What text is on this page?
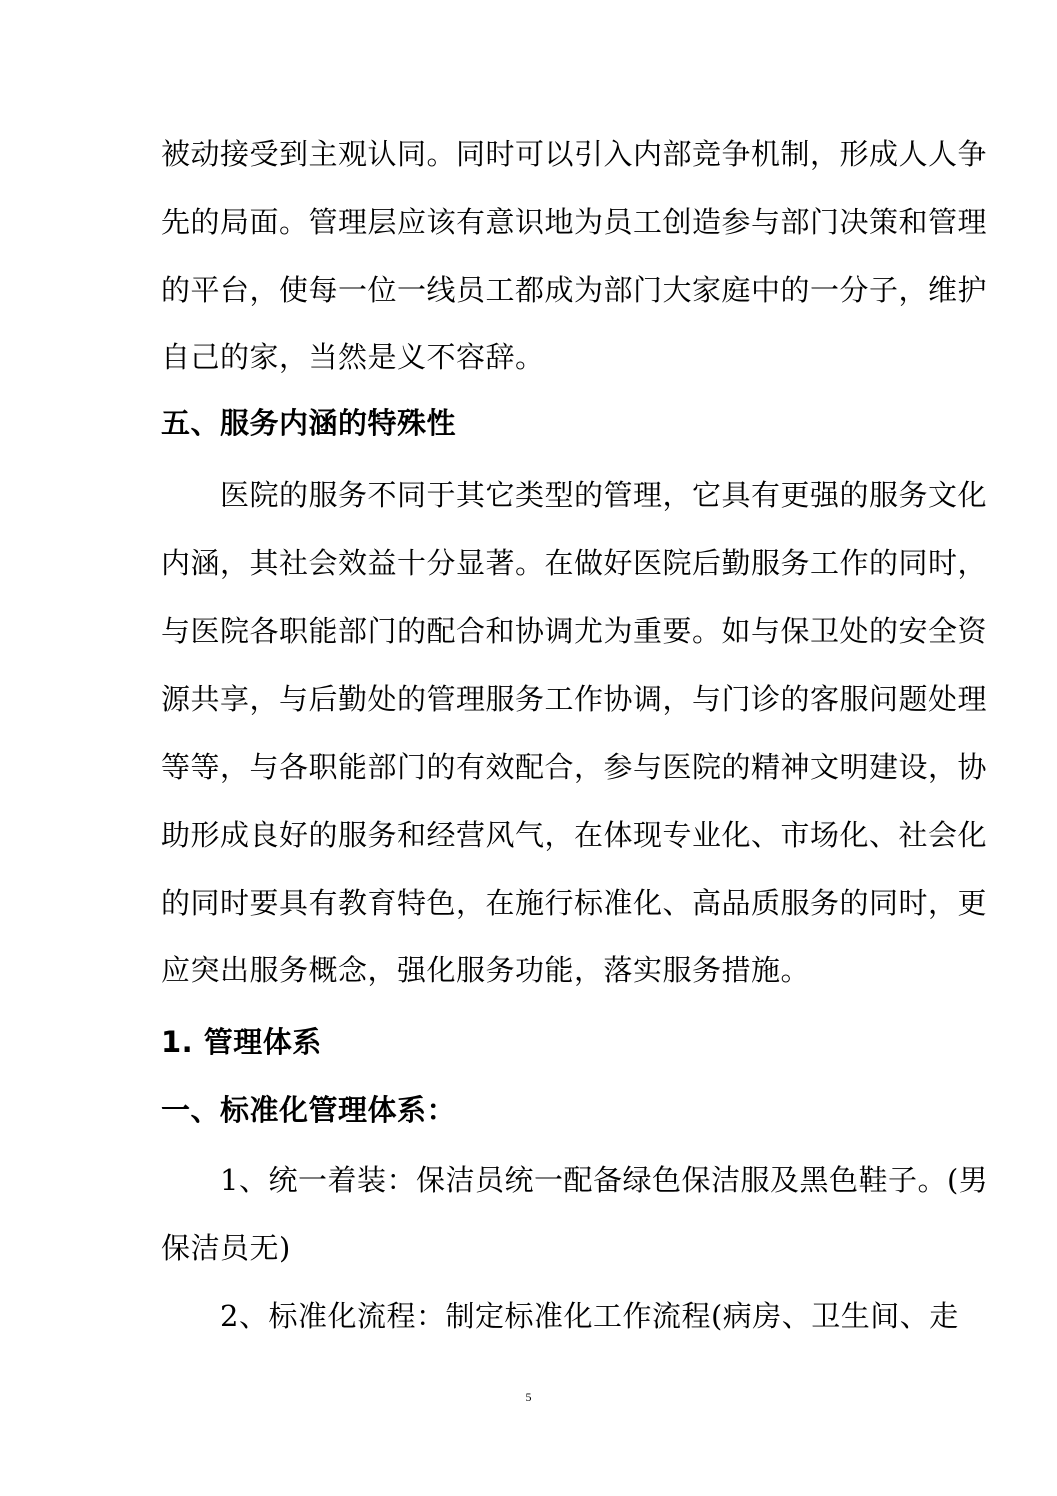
被动接受到主观认同。同时可以引入内部竞争机制，形成人人争
先的局面。管理层应该有意识地为员工创造参与部门决策和管理
的平台，使每一位一线员工都成为部门大家庭中的一分子，维护
自己的家，当然是义不容辞。
五、服务内涵的特殊性
　　医院的服务不同于其它类型的管理，它具有更强的服务文化
内涵，其社会效益十分显著。在做好医院后勤服务工作的同时，
与医院各职能部门的配合和协调尤为重要。如与保卫处的安全资
源共享，与后勤处的管理服务工作协调，与门诊的客服问题处理
等等，与各职能部门的有效配合，参与医院的精神文明建设，协
助形成良好的服务和经营风气，在体现专业化、市场化、社会化
的同时要具有教育特色，在施行标准化、高品质服务的同时，更
应突出服务概念，强化服务功能，落实服务措施。
1. 管理体系
一、标准化管理体系：
　　1、统一着装：保洁员统一配备绿色保洁服及黑色鞋子。(男
保洁员无)
　　2、标准化流程：制定标准化工作流程(病房、卫生间、走
5
